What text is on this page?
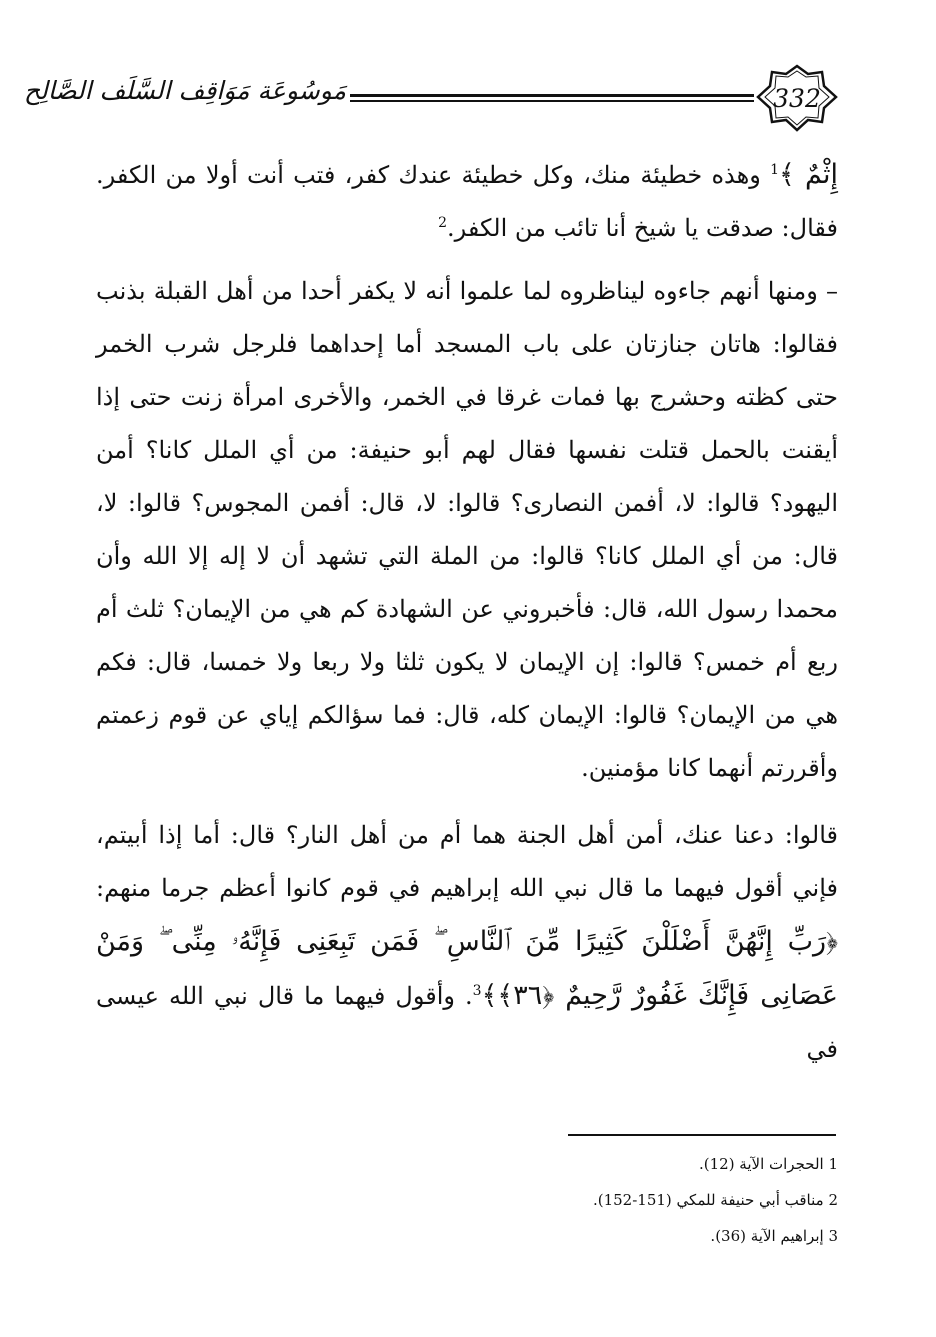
332
مَوسُوعَة مَوَاقِف السَّلَف الصَّالِح

إِثْمٌ ﴾$^1$ وهذه خطيئة منك، وكل خطيئة عندك كفر، فتب أنت أولا من الكفر. فقال: صدقت يا شيخ أنا تائب من الكفر.$^2$

– ومنها أنهم جاءوه ليناظروه لما علموا أنه لا يكفر أحدا من أهل القبلة بذنب فقالوا: هاتان جنازتان على باب المسجد أما إحداهما فلرجل شرب الخمر حتى كظته وحشرج بها فمات غرقا في الخمر، والأخرى امرأة زنت حتى إذا أيقنت بالحمل قتلت نفسها فقال لهم أبو حنيفة: من أي الملل كانا؟ أمن اليهود؟ قالوا: لا، أفمن النصارى؟ قالوا: لا، قال: أفمن المجوس؟ قالوا: لا، قال: من أي الملل كانا؟ قالوا: من الملة التي تشهد أن لا إله إلا الله وأن محمدا رسول الله، قال: فأخبروني عن الشهادة كم هي من الإيمان؟ ثلث أم ربع أم خمس؟ قالوا: إن الإيمان لا يكون ثلثا ولا ربعا ولا خمسا، قال: فكم هي من الإيمان؟ قالوا: الإيمان كله، قال: فما سؤالكم إياي عن قوم زعمتم وأقررتم أنهما كانا مؤمنين.

قالوا: دعنا عنك، أمن أهل الجنة هما أم من أهل النار؟ قال: أما إذا أبيتم، فإني أقول فيهما ما قال نبي الله إبراهيم في قوم كانوا أعظم جرما منهم: ﴿رَبِّ إِنَّهُنَّ أَضْلَلْنَ كَثِيرًا مِّنَ ٱلنَّاسِ ۖ فَمَن تَبِعَنِى فَإِنَّهُۥ مِنِّى ۖ وَمَنْ عَصَانِى فَإِنَّكَ غَفُورٌ رَّحِيمٌ ﴿٣٦﴾﴾$^3$. وأقول فيهما ما قال نبي الله عيسى في

1 الحجرات الآية (12).
2 مناقب أبي حنيفة للمكي (151-152).
3 إبراهيم الآية (36).
